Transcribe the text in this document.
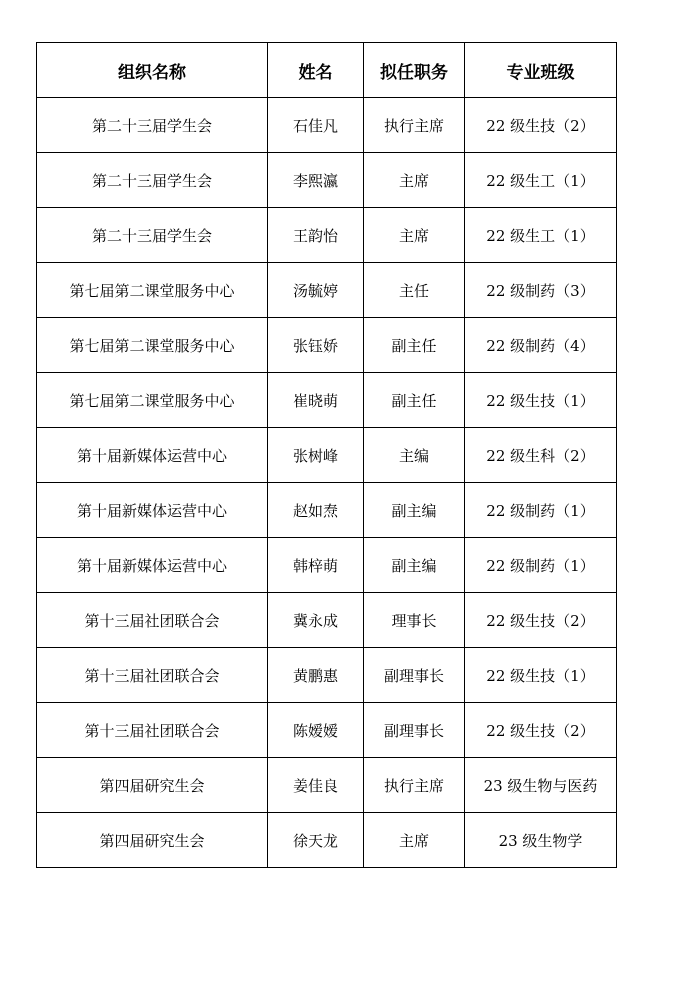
组织名称	姓名	拟任职务	专业班级
第二十三届学生会	石佳凡	执行主席	22 级生技（2）
第二十三届学生会	李熙瀛	主席	22 级生工（1）
第二十三届学生会	王韵怡	主席	22 级生工（1）
第七届第二课堂服务中心	汤毓婷	主任	22 级制药（3）
第七届第二课堂服务中心	张钰娇	副主任	22 级制药（4）
第七届第二课堂服务中心	崔晓萌	副主任	22 级生技（1）
第十届新媒体运营中心	张树峰	主编	22 级生科（2）
第十届新媒体运营中心	赵如焘	副主编	22 级制药（1）
第十届新媒体运营中心	韩梓萌	副主编	22 级制药（1）
第十三届社团联合会	冀永成	理事长	22 级生技（2）
第十三届社团联合会	黄鹏惠	副理事长	22 级生技（1）
第十三届社团联合会	陈嫒嫒	副理事长	22 级生技（2）
第四届研究生会	姜佳良	执行主席	23 级生物与医药
第四届研究生会	徐天龙	主席	23 级生物学
